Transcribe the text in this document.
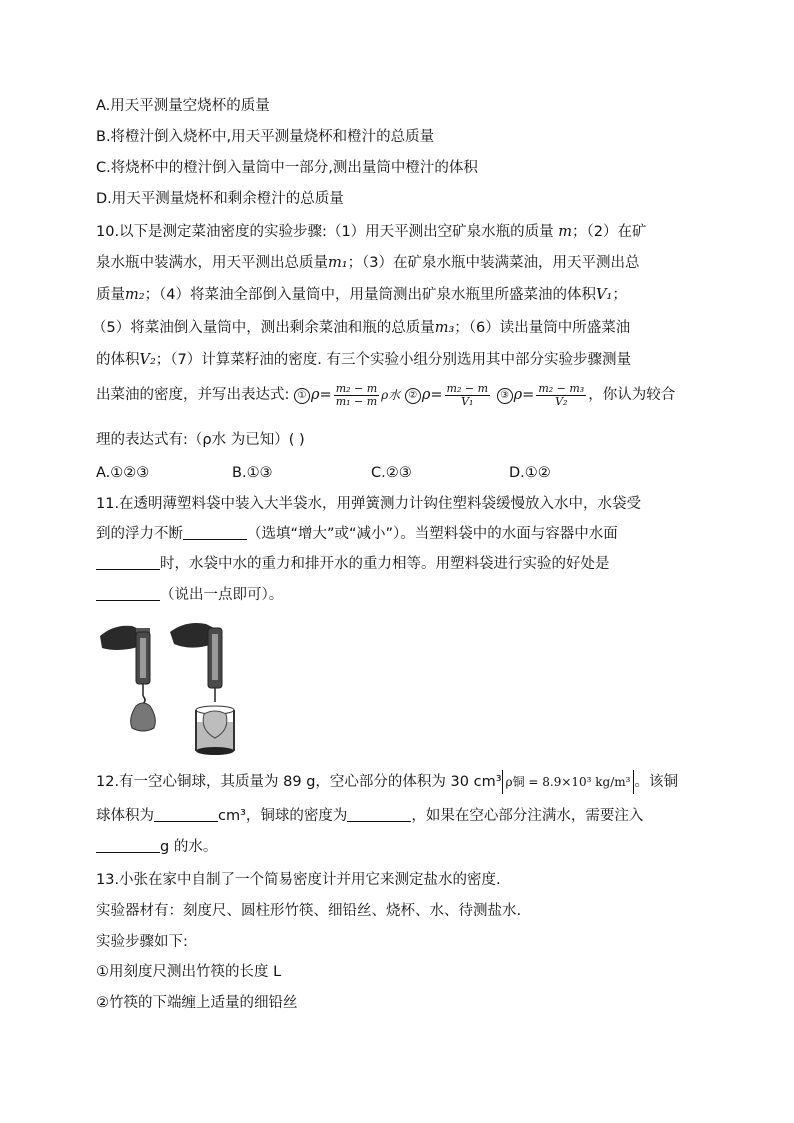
A.用天平测量空烧杯的质量
B.将橙汁倒入烧杯中,用天平测量烧杯和橙汁的总质量
C.将烧杯中的橙汁倒入量筒中一部分,测出量筒中橙汁的体积
D.用天平测量烧杯和剩余橙汁的总质量
10.以下是测定菜油密度的实验步骤:（1）用天平测出空矿泉水瓶的质量 m；（2）在矿
泉水瓶中装满水，用天平测出总质量m₁；（3）在矿泉水瓶中装满菜油，用天平测出总
质量m₂；（4）将菜油全部倒入量筒中，用量筒测出矿泉水瓶里所盛菜油的体积V₁；
（5）将菜油倒入量筒中，测出剩余菜油和瓶的总质量m₃；（6）读出量筒中所盛菜油
的体积V₂；（7）计算菜籽油的密度. 有三个实验小组分别选用其中部分实验步骤测量
出菜油的密度，并写出表达式: ① $\rho= \frac{\text{m₂ − m}}{\text{m₁ − m}}$ ρ水 ② $\rho= \frac{\text{m₂ − m}}{\text{V₁}}$ ③ $\rho= \frac{\text{m₂ − m₃}}{\text{V₂}}$ ，你认为较合
理的表达式有:（ρ水 为已知）( )
A.①②③	B.①③	C.②③	D.①②
11.在透明薄塑料袋中装入大半袋水，用弹簧测力计钩住塑料袋缓慢放入水中，水袋受
到的浮力不断	（选填“增大”或“减小”）。当塑料袋中的水面与容器中水面
时，水袋中水的重力和排开水的重力相等。用塑料袋进行实验的好处是
（说出一点即可）。
12.有一空心铜球，其质量为 89 g，空心部分的体积为 30 cm³ ρ铜 = 8.9×10³ kg/m³ 。该铜
球体积为	cm³，铜球的密度为	，如果在空心部分注满水，需要注入
g 的水。
13.小张在家中自制了一个简易密度计并用它来测定盐水的密度.
实验器材有：刻度尺、圆柱形竹筷、细铅丝、烧杯、水、待测盐水.
实验步骤如下:
①用刻度尺测出竹筷的长度 L
②竹筷的下端缠上适量的细铅丝
